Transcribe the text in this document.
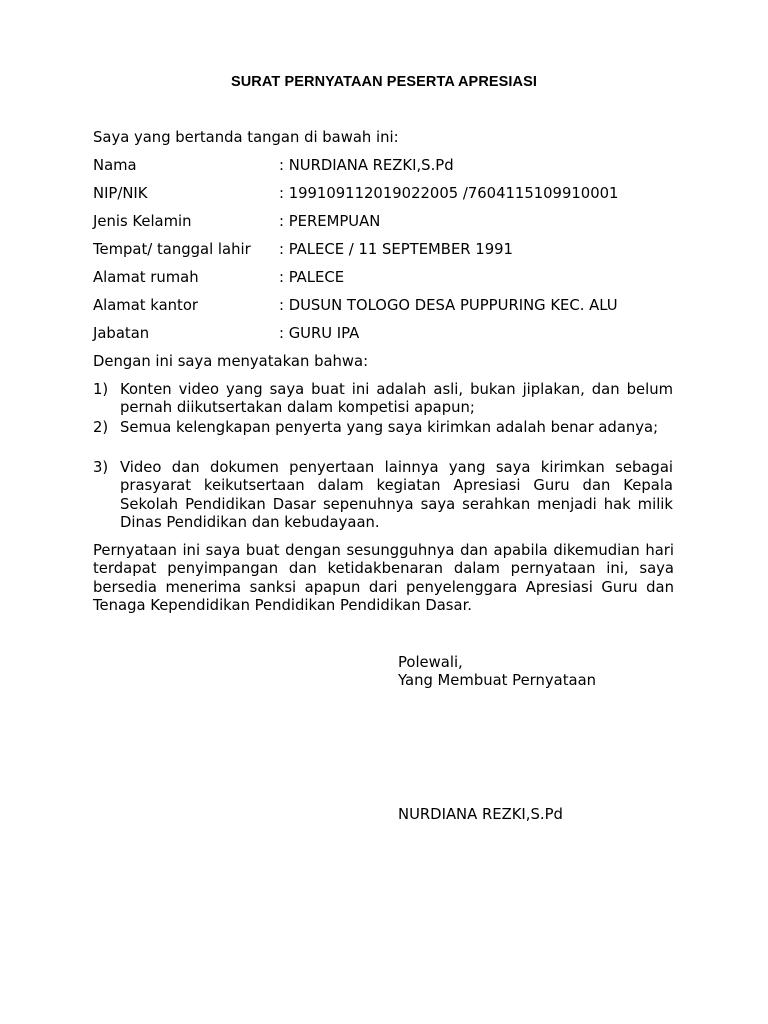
SURAT PERNYATAAN PESERTA APRESIASI
Saya yang bertanda tangan di bawah ini:
Nama	: NURDIANA REZKI,S.Pd
NIP/NIK	: 199109112019022005 /7604115109910001
Jenis Kelamin	: PEREMPUAN
Tempat/ tanggal lahir : PALECE / 11 SEPTEMBER 1991
Alamat rumah	: PALECE
Alamat kantor	: DUSUN TOLOGO DESA PUPPURING KEC. ALU
Jabatan	: GURU IPA
Dengan ini saya menyatakan bahwa:
1) Konten video yang saya buat ini adalah asli, bukan jiplakan, dan belum pernah diikutsertakan dalam kompetisi apapun;
2) Semua kelengkapan penyerta yang saya kirimkan adalah benar adanya;
3) Video dan dokumen penyertaan lainnya yang saya kirimkan sebagai prasyarat keikutsertaan dalam kegiatan Apresiasi Guru dan Kepala Sekolah Pendidikan Dasar sepenuhnya saya serahkan menjadi hak milik Dinas Pendidikan dan kebudayaan.
Pernyataan ini saya buat dengan sesungguhnya dan apabila dikemudian hari terdapat penyimpangan dan ketidakbenaran dalam pernyataan ini, saya bersedia menerima sanksi apapun dari penyelenggara Apresiasi Guru dan Tenaga Kependidikan Pendidikan Pendidikan Dasar.
Polewali,
Yang Membuat Pernyataan
NURDIANA REZKI,S.Pd
